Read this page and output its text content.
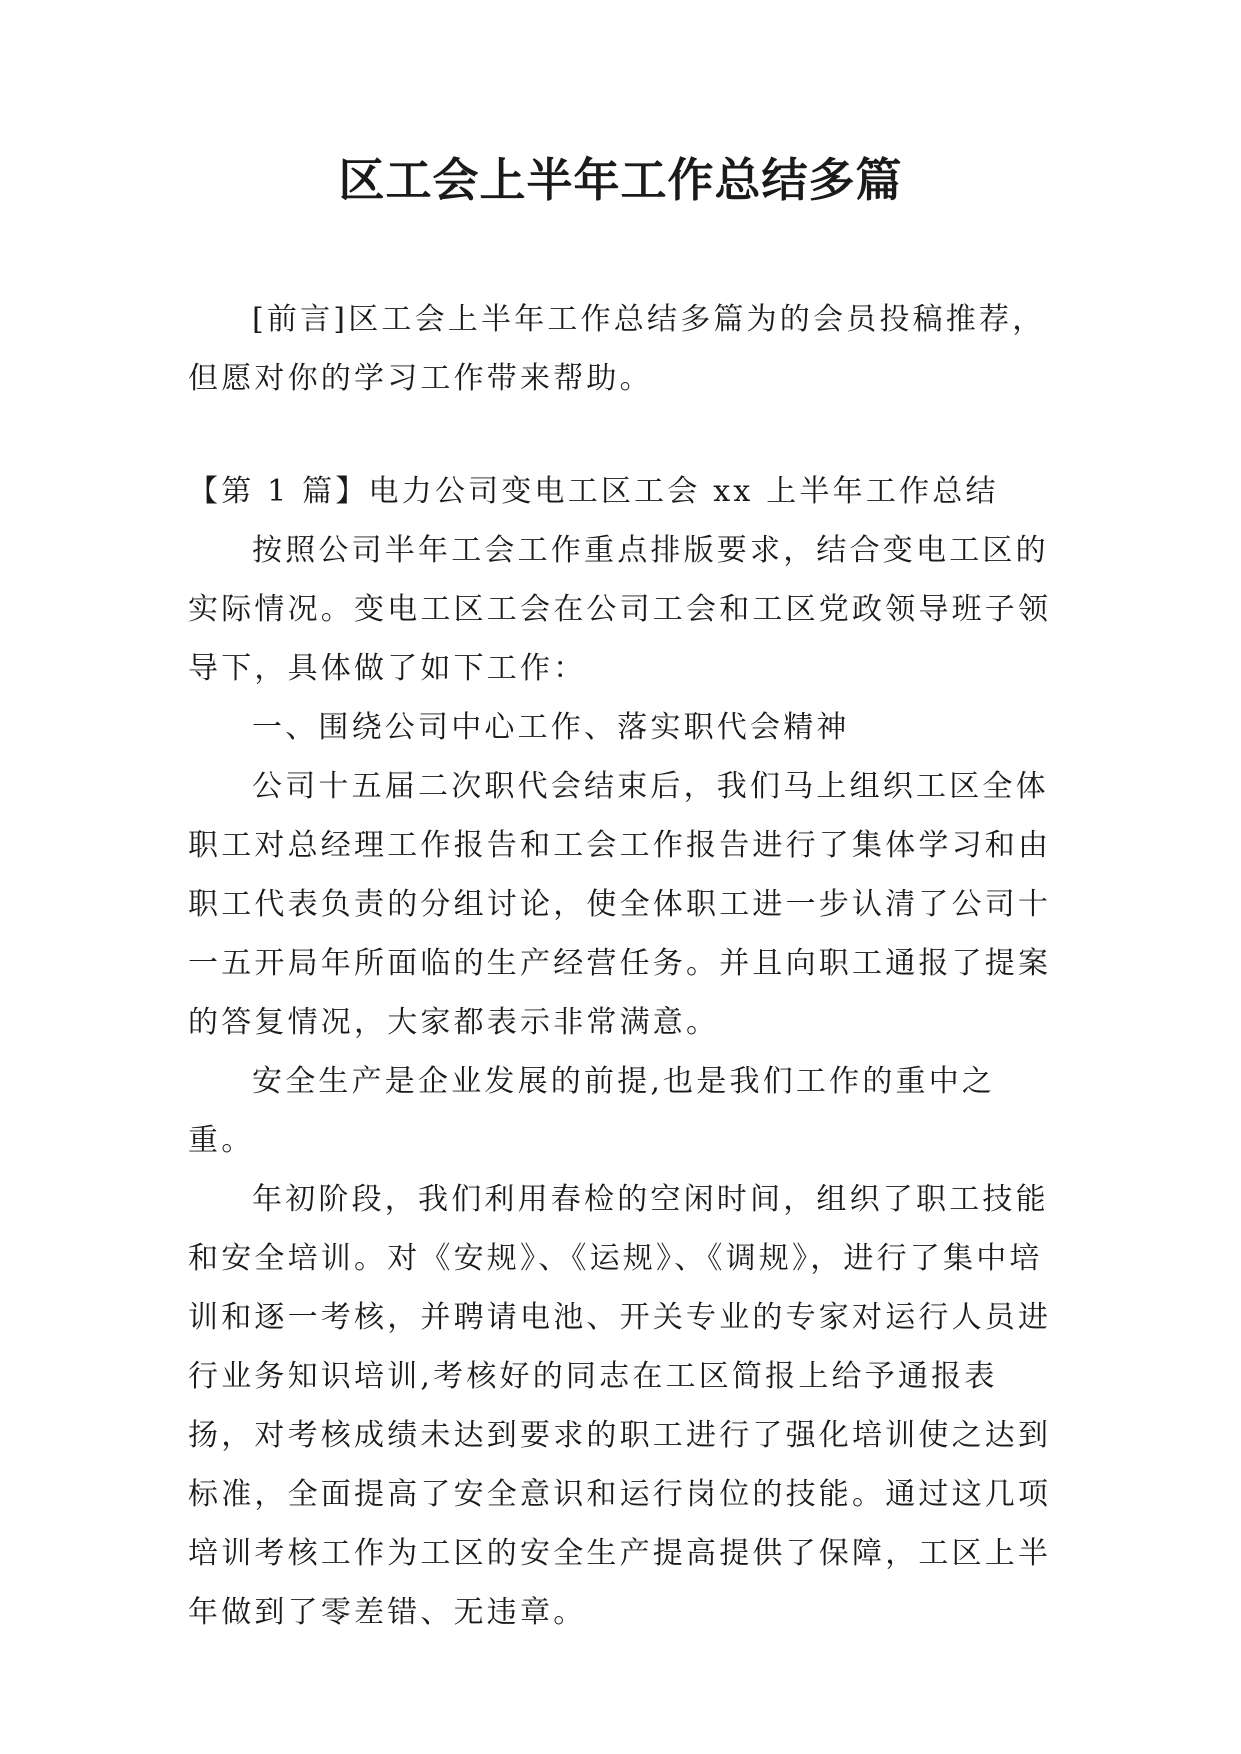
区工会上半年工作总结多篇

[前言]区工会上半年工作总结多篇为的会员投稿推荐，但愿对你的学习工作带来帮助。

【第 1 篇】电力公司变电工区工会 xx 上半年工作总结

按照公司半年工会工作重点排版要求，结合变电工区的实际情况。变电工区工会在公司工会和工区党政领导班子领导下，具体做了如下工作：

一、围绕公司中心工作、落实职代会精神

公司十五届二次职代会结束后，我们马上组织工区全体职工对总经理工作报告和工会工作报告进行了集体学习和由职工代表负责的分组讨论，使全体职工进一步认清了公司十一五开局年所面临的生产经营任务。并且向职工通报了提案的答复情况，大家都表示非常满意。

安全生产是企业发展的前提,也是我们工作的重中之重。

年初阶段，我们利用春检的空闲时间，组织了职工技能和安全培训。对《安规》、《运规》、《调规》，进行了集中培训和逐一考核，并聘请电池、开关专业的专家对运行人员进行业务知识培训,考核好的同志在工区简报上给予通报表扬，对考核成绩未达到要求的职工进行了强化培训使之达到标准，全面提高了安全意识和运行岗位的技能。通过这几项培训考核工作为工区的安全生产提高提供了保障，工区上半年做到了零差错、无违章。
